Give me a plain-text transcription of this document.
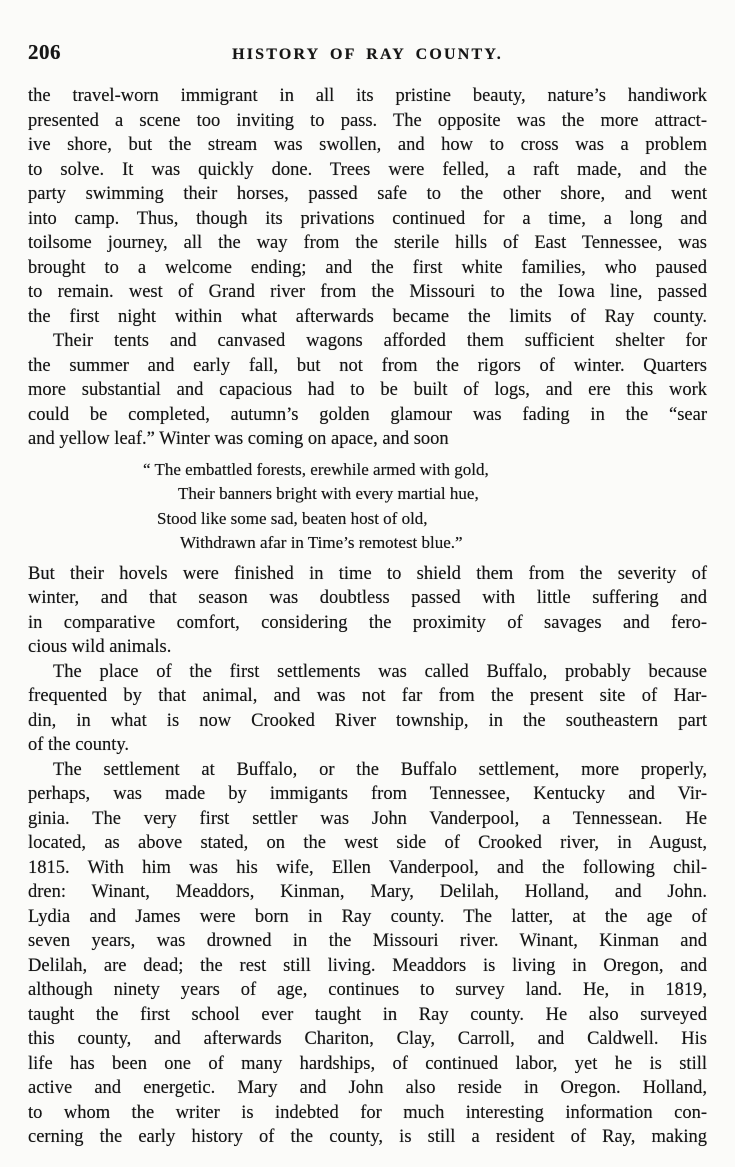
206	HISTORY OF RAY COUNTY.
the travel-worn immigrant in all its pristine beauty, nature’s handiwork
presented a scene too inviting to pass. The opposite was the more attract-
ive shore, but the stream was swollen, and how to cross was a problem
to solve. It was quickly done. Trees were felled, a raft made, and the
party swimming their horses, passed safe to the other shore, and went
into camp. Thus, though its privations continued for a time, a long and
toilsome journey, all the way from the sterile hills of East Tennessee, was
brought to a welcome ending; and the first white families, who paused
to remain. west of Grand river from the Missouri to the Iowa line, passed
the first night within what afterwards became the limits of Ray county.
Their tents and canvased wagons afforded them sufficient shelter for
the summer and early fall, but not from the rigors of winter. Quarters
more substantial and capacious had to be built of logs, and ere this work
could be completed, autumn’s golden glamour was fading in the “sear
and yellow leaf.” Winter was coming on apace, and soon
“ The embattled forests, erewhile armed with gold,
Their banners bright with every martial hue,
Stood like some sad, beaten host of old,
Withdrawn afar in Time’s remotest blue.”
But their hovels were finished in time to shield them from the severity of
winter, and that season was doubtless passed with little suffering and
in comparative comfort, considering the proximity of savages and fero-
cious wild animals.
The place of the first settlements was called Buffalo, probably because
frequented by that animal, and was not far from the present site of Har-
din, in what is now Crooked River township, in the southeastern part
of the county.
The settlement at Buffalo, or the Buffalo settlement, more properly,
perhaps, was made by immigants from Tennessee, Kentucky and Vir-
ginia. The very first settler was John Vanderpool, a Tennessean. He
located, as above stated, on the west side of Crooked river, in August,
1815. With him was his wife, Ellen Vanderpool, and the following chil-
dren: Winant, Meaddors, Kinman, Mary, Delilah, Holland, and John.
Lydia and James were born in Ray county. The latter, at the age of
seven years, was drowned in the Missouri river. Winant, Kinman and
Delilah, are dead; the rest still living. Meaddors is living in Oregon, and
although ninety years of age, continues to survey land. He, in 1819,
taught the first school ever taught in Ray county. He also surveyed
this county, and afterwards Chariton, Clay, Carroll, and Caldwell. His
life has been one of many hardships, of continued labor, yet he is still
active and energetic. Mary and John also reside in Oregon. Holland,
to whom the writer is indebted for much interesting information con-
cerning the early history of the county, is still a resident of Ray, making
